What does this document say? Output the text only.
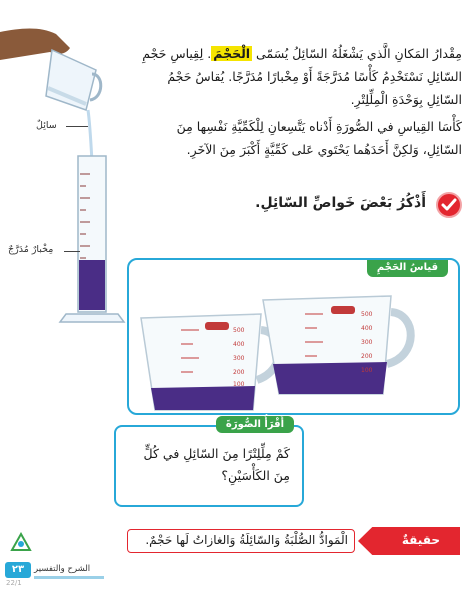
مِقْدارُ المَكانِ الَّذي يَشْغَلُهُ السّائِلُ يُسَمّى الْحَجْمَ. لِقِياسِ حَجْمِ السّائِلِ نَسْتَخْدِمُ كَأْسًا مُدَرَّجَةً أَوْ مِخْبارًا مُدَرَّجًا. يُقاسُ حَجْمُ السّائِلِ بِوَحْدَةِ الْمِلِّلِتْرِ.

كَأْسَا القِياسِ في الصُّورَةِ أَدْناه يَتَّسِعانِ لِلْكَمِّيَّةِ نَفْسِها مِنَ السّائِلِ، وَلكِنَّ أَحَدَهُما يَحْتَوي عَلى كَمِّيَّةٍ أَكْبَرَ مِنَ الآخَرِ.

سائِلٌ
مِخْبارٌ مُدَرَّجٌ
أَذْكُرُ بَعْضَ خَواصِّ السّائِلِ.
قياسُ الحَجْمِ
500
400
300
200
100
500
400
300
200
100
أَقْرَأُ الصُّورَةَ
كَمْ مِلِّلِتْرًا مِنَ السّائِلِ في كُلٍّ مِنَ الكَأْسَيْنِ؟
الْمَوادُّ الصُّلْبَةُ وَالسّائِلَةُ وَالغازاتُ لَها حَجْمٌ.	حقيقةٌ
٢٣	الشرح والتفسير
22/1
